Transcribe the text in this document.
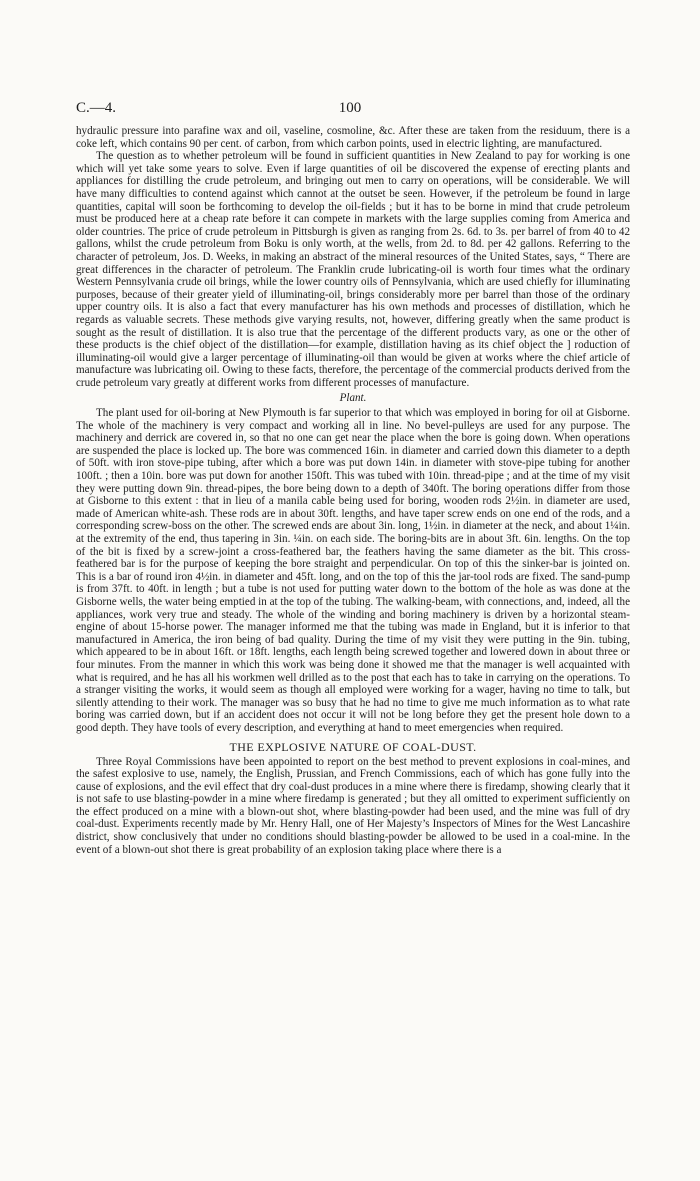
C.—4.	100

hydraulic pressure into parafine wax and oil, vaseline, cosmoline, &c. After these are taken from the residuum, there is a coke left, which contains 90 per cent. of carbon, from which carbon points, used in electric lighting, are manufactured.

The question as to whether petroleum will be found in sufficient quantities in New Zealand to pay for working is one which will yet take some years to solve. Even if large quantities of oil be discovered the expense of erecting plants and appliances for distilling the crude petroleum, and bringing out men to carry on operations, will be considerable. We will have many difficulties to contend against which cannot at the outset be seen. However, if the petroleum be found in large quantities, capital will soon be forthcoming to develop the oil-fields ; but it has to be borne in mind that crude petroleum must be produced here at a cheap rate before it can compete in markets with the large supplies coming from America and older countries. The price of crude petroleum in Pittsburgh is given as ranging from 2s. 6d. to 3s. per barrel of from 40 to 42 gallons, whilst the crude petroleum from Boku is only worth, at the wells, from 2d. to 8d. per 42 gallons. Referring to the character of petroleum, Jos. D. Weeks, in making an abstract of the mineral resources of the United States, says, “ There are great differences in the character of petroleum. The Franklin crude lubricating-oil is worth four times what the ordinary Western Pennsylvania crude oil brings, while the lower country oils of Pennsylvania, which are used chiefly for illuminating purposes, because of their greater yield of illuminating-oil, brings considerably more per barrel than those of the ordinary upper country oils. It is also a fact that every manufacturer has his own methods and processes of distillation, which he regards as valuable secrets. These methods give varying results, not, however, differing greatly when the same product is sought as the result of distillation. It is also true that the percentage of the different products vary, as one or the other of these products is the chief object of the distillation—for example, distillation having as its chief object the ] roduction of illuminating-oil would give a larger percentage of illuminating-oil than would be given at works where the chief article of manufacture was lubricating oil. Owing to these facts, therefore, the percentage of the commercial products derived from the crude petroleum vary greatly at different works from different processes of manufacture.

Plant.

The plant used for oil-boring at New Plymouth is far superior to that which was employed in boring for oil at Gisborne. The whole of the machinery is very compact and working all in line. No bevel-pulleys are used for any purpose. The machinery and derrick are covered in, so that no one can get near the place when the bore is going down. When operations are suspended the place is locked up. The bore was commenced 16in. in diameter and carried down this diameter to a depth of 50ft. with iron stove-pipe tubing, after which a bore was put down 14in. in diameter with stove-pipe tubing for another 100ft. ; then a 10in. bore was put down for another 150ft. This was tubed with 10in. thread-pipe ; and at the time of my visit they were putting down 9in. thread-pipes, the bore being down to a depth of 340ft. The boring operations differ from those at Gisborne to this extent : that in lieu of a manila cable being used for boring, wooden rods 2½in. in diameter are used, made of American white-ash. These rods are in about 30ft. lengths, and have taper screw ends on one end of the rods, and a corresponding screw-boss on the other. The screwed ends are about 3in. long, 1½in. in diameter at the neck, and about 1¼in. at the extremity of the end, thus tapering in 3in. ¼in. on each side. The boring-bits are in about 3ft. 6in. lengths. On the top of the bit is fixed by a screw-joint a cross-feathered bar, the feathers having the same diameter as the bit. This cross-feathered bar is for the purpose of keeping the bore straight and perpendicular. On top of this the sinker-bar is jointed on. This is a bar of round iron 4½in. in diameter and 45ft. long, and on the top of this the jar-tool rods are fixed. The sand-pump is from 37ft. to 40ft. in length ; but a tube is not used for putting water down to the bottom of the hole as was done at the Gisborne wells, the water being emptied in at the top of the tubing. The walking-beam, with connections, and, indeed, all the appliances, work very true and steady. The whole of the winding and boring machinery is driven by a horizontal steam-engine of about 15-horse power. The manager informed me that the tubing was made in England, but it is inferior to that manufactured in America, the iron being of bad quality. During the time of my visit they were putting in the 9in. tubing, which appeared to be in about 16ft. or 18ft. lengths, each length being screwed together and lowered down in about three or four minutes. From the manner in which this work was being done it showed me that the manager is well acquainted with what is required, and he has all his workmen well drilled as to the post that each has to take in carrying on the operations. To a stranger visiting the works, it would seem as though all employed were working for a wager, having no time to talk, but silently attending to their work. The manager was so busy that he had no time to give me much information as to what rate boring was carried down, but if an accident does not occur it will not be long before they get the present hole down to a good depth. They have tools of every description, and everything at hand to meet emergencies when required.

THE EXPLOSIVE NATURE OF COAL-DUST.

Three Royal Commissions have been appointed to report on the best method to prevent explosions in coal-mines, and the safest explosive to use, namely, the English, Prussian, and French Commissions, each of which has gone fully into the cause of explosions, and the evil effect that dry coal-dust produces in a mine where there is firedamp, showing clearly that it is not safe to use blasting-powder in a mine where firedamp is generated ; but they all omitted to experiment sufficiently on the effect produced on a mine with a blown-out shot, where blasting-powder had been used, and the mine was full of dry coal-dust. Experiments recently made by Mr. Henry Hall, one of Her Majesty’s Inspectors of Mines for the West Lancashire district, show conclusively that under no conditions should blasting-powder be allowed to be used in a coal-mine. In the event of a blown-out shot there is great probability of an explosion taking place where there is a
